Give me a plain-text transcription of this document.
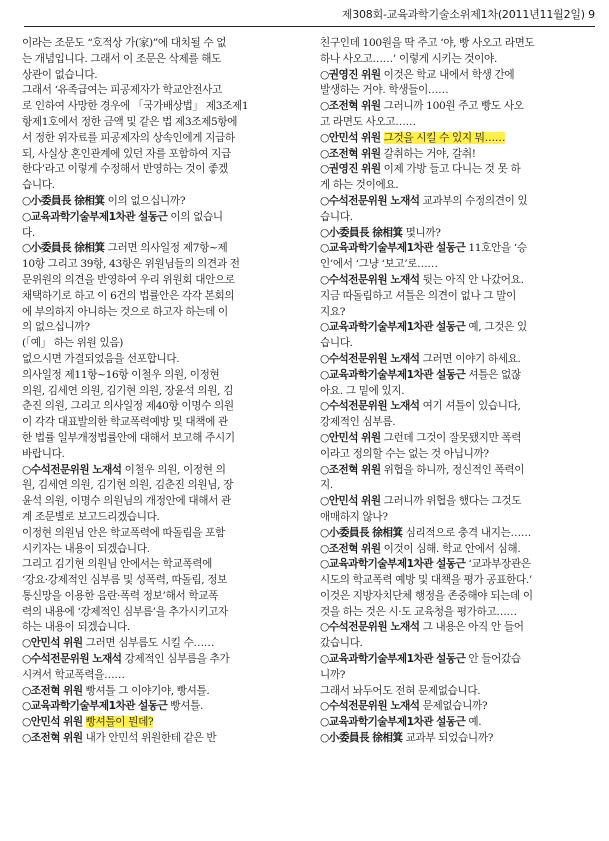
제308회-교육과학기술소위제1차(2011년11월2일) 9

이라는 조문도 “호적상 가(家)”에 대치될 수 없

는 개념입니다. 그래서 이 조문은 삭제를 해도

상관이 없습니다.

그래서 ‘유족급여는 피공제자가 학교안전사고

로 인하여 사망한 경우에 「국가배상법」 제3조제1

항제1호에서 정한 금액 및 같은 법 제3조제5항에

서 정한 위자료를 피공제자의 상속인에게 지급하

되, 사실상 혼인관계에 있던 자를 포함하여 지급

한다’라고 이렇게 수정해서 반영하는 것이 좋겠

습니다.

○小委員長 徐相箕 이의 없으십니까?

○교육과학기술부제1차관 설동근 이의 없습니

다.

○小委員長 徐相箕 그러면 의사일정 제7항∼제

10항 그리고 39항, 43항은 위원님들의 의견과 전

문위원의 의견을 반영하여 우리 위원회 대안으로

채택하기로 하고 이 6건의 법률안은 각각 본회의

에 부의하지 아니하는 것으로 하고자 하는데 이

의 없으십니까?

(「예」 하는 위원 있음)

없으시면 가결되었음을 선포합니다.

의사일정 제11항∼16항 이철우 의원, 이정현

의원, 김세연 의원, 김기현 의원, 장윤석 의원, 김

춘진 의원, 그리고 의사일정 제40항 이명수 의원

이 각각 대표발의한 학교폭력예방 및 대책에 관

한 법률 일부개정법률안에 대해서 보고해 주시기

바랍니다.

○수석전문위원 노재석 이철우 의원, 이정현 의

원, 김세연 의원, 김기현 의원, 김춘진 의원님, 장

윤석 의원, 이명수 의원님의 개정안에 대해서 관

계 조문별로 보고드리겠습니다.

이정현 의원님 안은 학교폭력에 따돌림을 포함

시키자는 내용이 되겠습니다.

그리고 김기현 의원님 안에서는 학교폭력에

‘강요·강제적인 심부름 및 성폭력, 따돌림, 정보

통신망을 이용한 음란·폭력 정보’해서 학교폭

력의 내용에 ‘강제적인 심부름’을 추가시키고자

하는 내용이 되겠습니다.

○안민석 위원 그러면 심부름도 시킬 수……

○수석전문위원 노재석 강제적인 심부름을 추가

시켜서 학교폭력을……

○조전혁 위원 빵셔틀 그 이야기야, 빵셔틀.

○교육과학기술부제1차관 설동근 빵셔틀.

○안민석 위원 빵셔틀이 뭔데?

○조전혁 위원 내가 안민석 위원한테 같은 반

친구인데 100원을 딱 주고 ‘야, 빵 사오고 라면도

하나 사오고……’ 이렇게 시키는 것이야.

○권영진 위원 이것은 학교 내에서 학생 간에

발생하는 거야. 학생들이……

○조전혁 위원 그러니까 100원 주고 빵도 사오

고 라면도 사오고……

○안민석 위원 그것을 시킬 수 있지 뭐……

○조전혁 위원 갈취하는 거야, 갈취!

○권영진 위원 이제 가방 들고 다니는 것 못 하

게 하는 것이에요.

○수석전문위원 노재석 교과부의 수정의견이 있

습니다.

○小委員長 徐相箕 몇니까?

○교육과학기술부제1차관 설동근 11호안을 ‘승

인’에서 ‘그냥 ‘보고’로……

○수석전문위원 노재석 뒷는 아직 안 나갔어요.

지금 따돌림하고 셔틀은 의견이 없나 그 말이

지요?

○교육과학기술부제1차관 설동근 예, 그것은 있

습니다.

○수석전문위원 노재석 그러면 이야기 하세요.

○교육과학기술부제1차관 설동근 셔틀은 없잖

아요. 그 밑에 있지.

○수석전문위원 노재석 여기 셔틀이 있습니다,

강제적인 심부름.

○안민석 위원 그런데 그것이 잘못됐지만 폭력

이라고 정의할 수는 없는 것 아닙니까?

○조전혁 위원 위협을 하니까, 정신적인 폭력이

지.

○안민석 위원 그러니까 위협을 했다는 그것도

애매하지 않나?

○小委員長 徐相箕 심리적으로 충격 내지는……

○조전혁 위원 이것이 심해. 학교 안에서 심해.

○교육과학기술부제1차관 설동근 ‘교과부장관은

시도의 학교폭력 예방 및 대책을 평가 공표한다.’

이것은 지방자치단체 행정을 존중해야 되는데 이

것을 하는 것은 시·도 교육청을 평가하고……

○수석전문위원 노재석 그 내용은 아직 안 들어

갔습니다.

○교육과학기술부제1차관 설동근 안 들어갔습

니까?

그래서 놔두어도 전혀 문제없습니다.

○수석전문위원 노재석 문제없습니까?

○교육과학기술부제1차관 설동근 예.

○小委員長 徐相箕 교과부 되었습니까?
